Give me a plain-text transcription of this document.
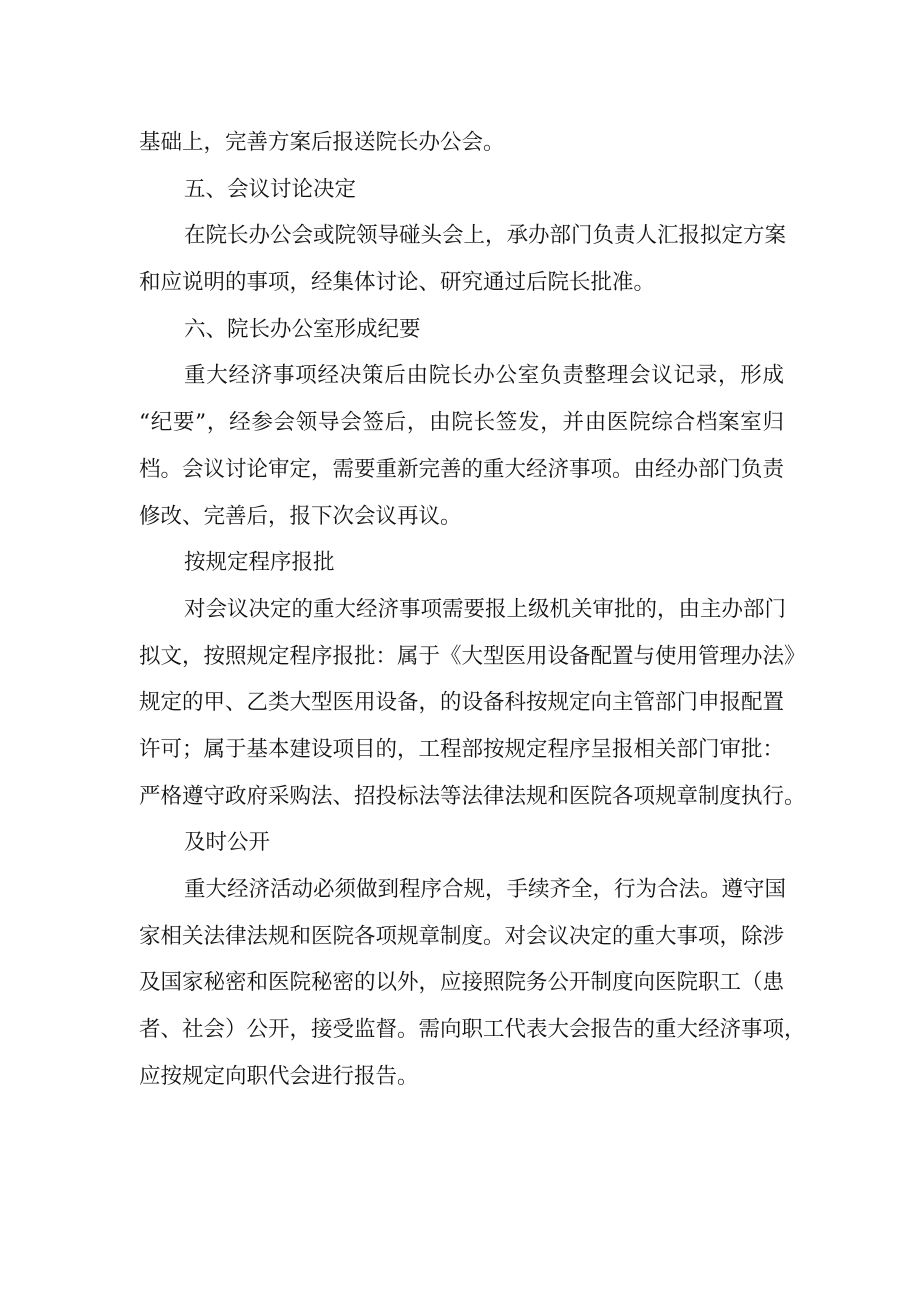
基础上，完善方案后报送院长办公会。
五、会议讨论决定
在院长办公会或院领导碰头会上，承办部门负责人汇报拟定方案
和应说明的事项，经集体讨论、研究通过后院长批准。
六、院长办公室形成纪要
重大经济事项经决策后由院长办公室负责整理会议记录，形成
“纪要”，经参会领导会签后，由院长签发，并由医院综合档案室归
档。会议讨论审定，需要重新完善的重大经济事项。由经办部门负责
修改、完善后，报下次会议再议。
按规定程序报批
对会议决定的重大经济事项需要报上级机关审批的，由主办部门
拟文，按照规定程序报批：属于《大型医用设备配置与使用管理办法》
规定的甲、乙类大型医用设备，的设备科按规定向主管部门申报配置
许可；属于基本建设项目的，工程部按规定程序呈报相关部门审批：
严格遵守政府采购法、招投标法等法律法规和医院各项规章制度执行。
及时公开
重大经济活动必须做到程序合规，手续齐全，行为合法。遵守国
家相关法律法规和医院各项规章制度。对会议决定的重大事项，除涉
及国家秘密和医院秘密的以外，应接照院务公开制度向医院职工（患
者、社会）公开，接受监督。需向职工代表大会报告的重大经济事项，
应按规定向职代会进行报告。
